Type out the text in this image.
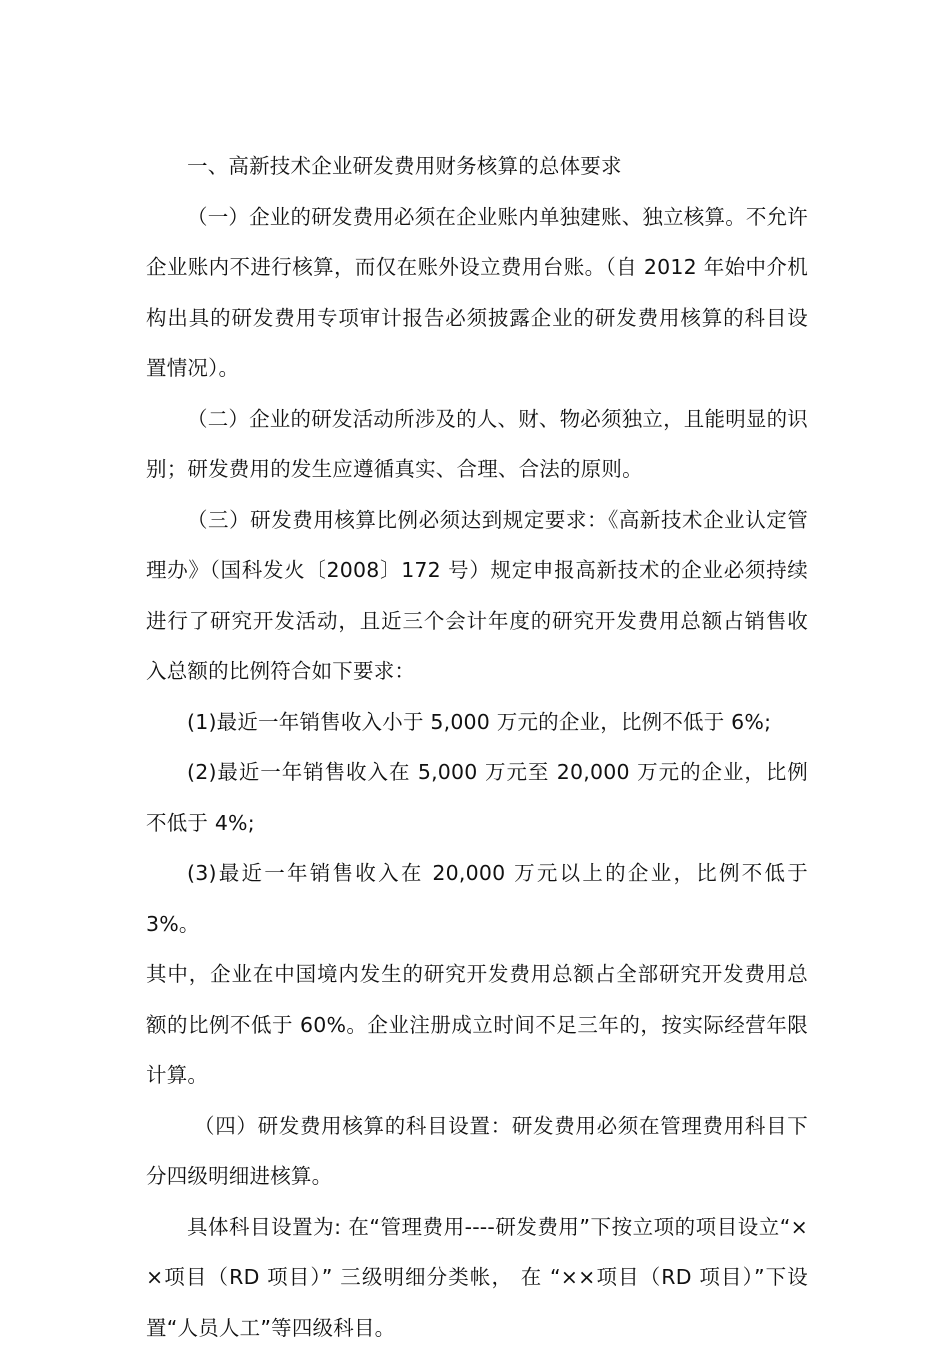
一、高新技术企业研发费用财务核算的总体要求

（一）企业的研发费用必须在企业账内单独建账、独立核算。不允许企业账内不进行核算，而仅在账外设立费用台账。（自 2012 年始中介机构出具的研发费用专项审计报告必须披露企业的研发费用核算的科目设置情况）。

（二）企业的研发活动所涉及的人、财、物必须独立，且能明显的识别；研发费用的发生应遵循真实、合理、合法的原则。

（三）研发费用核算比例必须达到规定要求：《高新技术企业认定管理办》（国科发火〔2008〕172 号）规定申报高新技术的企业必须持续进行了研究开发活动，且近三个会计年度的研究开发费用总额占销售收入总额的比例符合如下要求：

(1)最近一年销售收入小于 5,000 万元的企业，比例不低于 6%;

(2)最近一年销售收入在 5,000 万元至 20,000 万元的企业，比例不低于 4%;

(3)最近一年销售收入在 20,000 万元以上的企业，比例不低于 3%。

其中，企业在中国境内发生的研究开发费用总额占全部研究开发费用总额的比例不低于 60%。企业注册成立时间不足三年的，按实际经营年限计算。

（四）研发费用核算的科目设置：研发费用必须在管理费用科目下分四级明细进核算。

具体科目设置为: 在“管理费用----研发费用”下按立项的项目设立“××项目（RD 项目）” 三级明细分类帐， 在 “××项目（RD 项目）”下设置“人员人工”等四级科目。
